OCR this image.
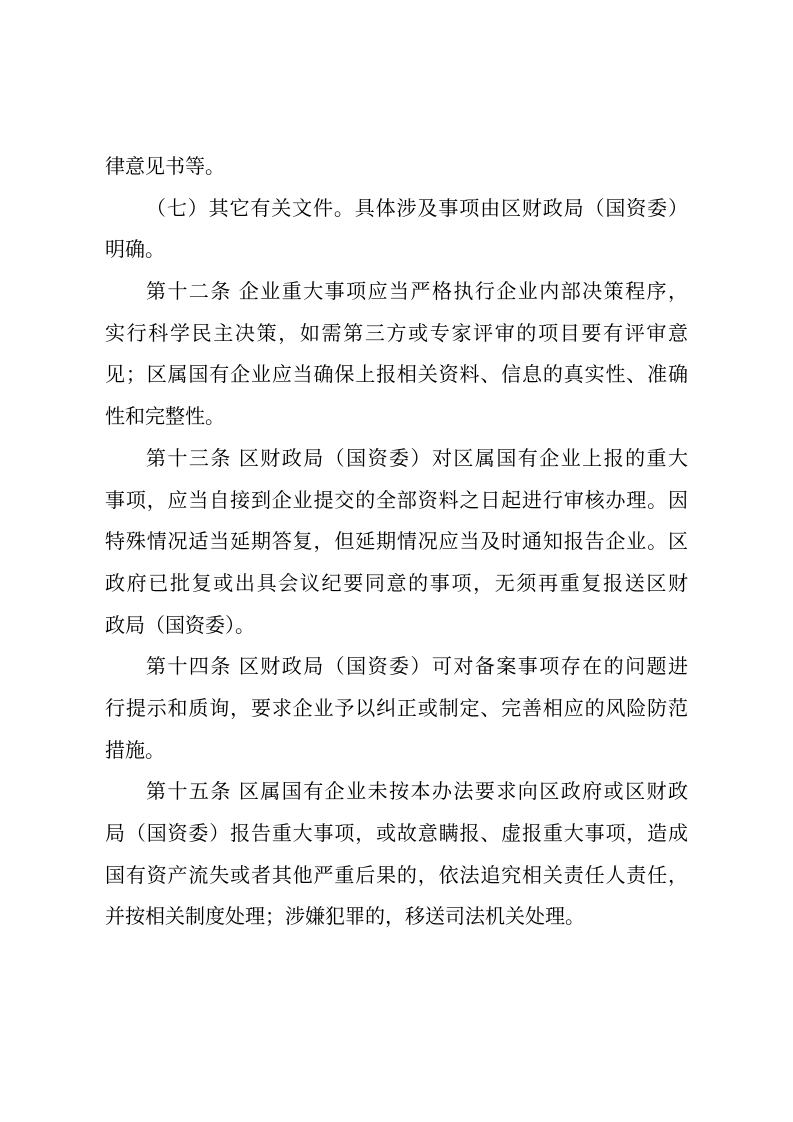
律意见书等。
（七）其它有关文件。具体涉及事项由区财政局（国资委）
明确。
第十二条 企业重大事项应当严格执行企业内部决策程序，
实行科学民主决策，如需第三方或专家评审的项目要有评审意
见；区属国有企业应当确保上报相关资料、信息的真实性、准确
性和完整性。
第十三条 区财政局（国资委）对区属国有企业上报的重大
事项，应当自接到企业提交的全部资料之日起进行审核办理。因
特殊情况适当延期答复，但延期情况应当及时通知报告企业。区
政府已批复或出具会议纪要同意的事项，无须再重复报送区财
政局（国资委）。
第十四条 区财政局（国资委）可对备案事项存在的问题进
行提示和质询，要求企业予以纠正或制定、完善相应的风险防范
措施。
第十五条 区属国有企业未按本办法要求向区政府或区财政
局（国资委）报告重大事项，或故意瞒报、虚报重大事项，造成
国有资产流失或者其他严重后果的，依法追究相关责任人责任，
并按相关制度处理；涉嫌犯罪的，移送司法机关处理。
